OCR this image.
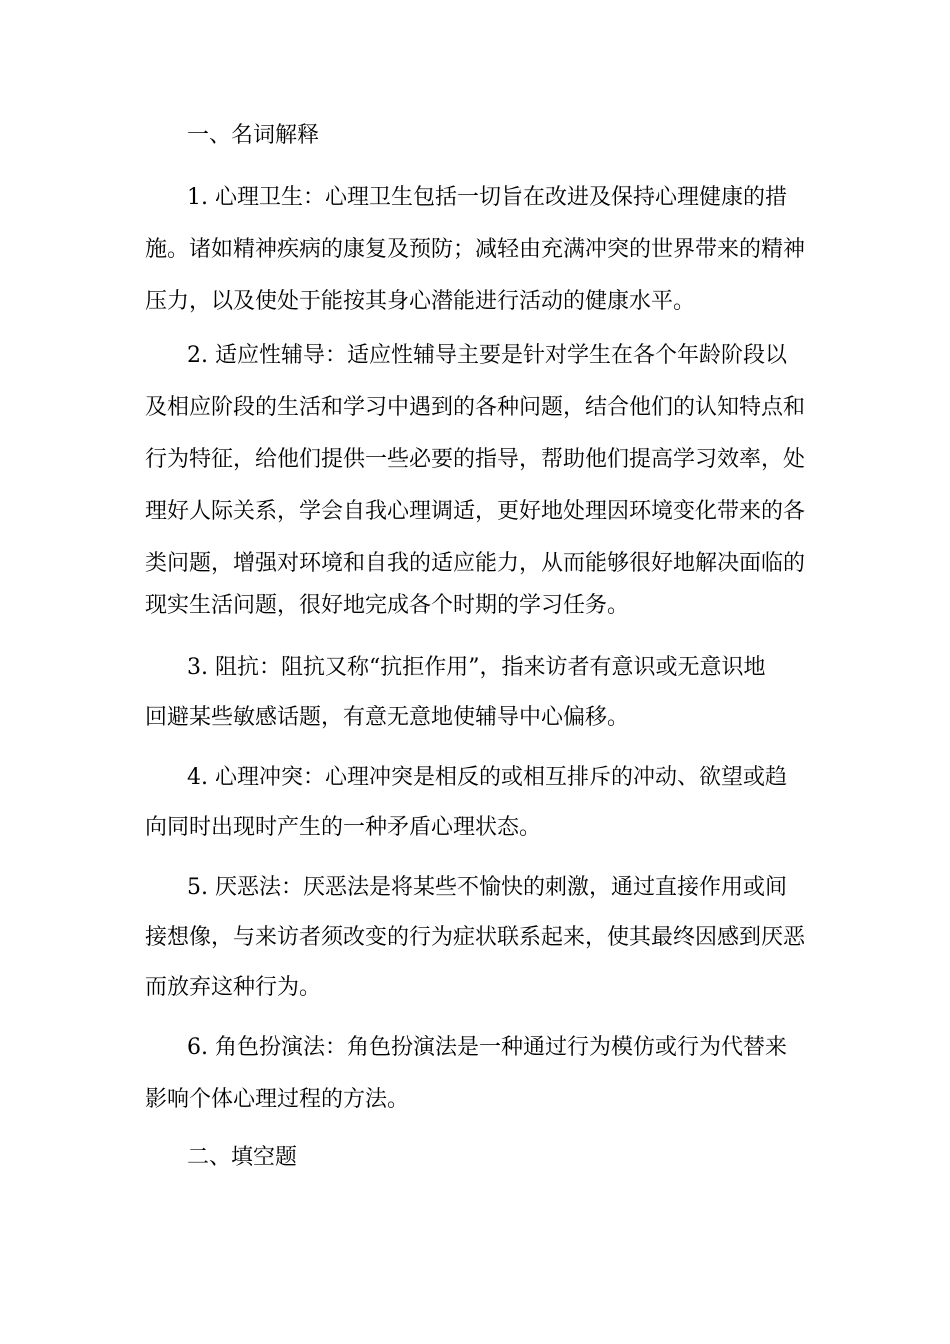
一、名词解释
1. 心理卫生：心理卫生包括一切旨在改进及保持心理健康的措
施。诸如精神疾病的康复及预防；减轻由充满冲突的世界带来的精神
压力，以及使处于能按其身心潜能进行活动的健康水平。
2. 适应性辅导：适应性辅导主要是针对学生在各个年龄阶段以
及相应阶段的生活和学习中遇到的各种问题，结合他们的认知特点和
行为特征，给他们提供一些必要的指导，帮助他们提高学习效率，处
理好人际关系，学会自我心理调适，更好地处理因环境变化带来的各
类问题，增强对环境和自我的适应能力，从而能够很好地解决面临的
现实生活问题，很好地完成各个时期的学习任务。
3. 阻抗：阻抗又称“抗拒作用”，指来访者有意识或无意识地
回避某些敏感话题，有意无意地使辅导中心偏移。
4. 心理冲突：心理冲突是相反的或相互排斥的冲动、欲望或趋
向同时出现时产生的一种矛盾心理状态。
5. 厌恶法：厌恶法是将某些不愉快的刺激，通过直接作用或间
接想像，与来访者须改变的行为症状联系起来，使其最终因感到厌恶
而放弃这种行为。
6. 角色扮演法：角色扮演法是一种通过行为模仿或行为代替来
影响个体心理过程的方法。
二、填空题
